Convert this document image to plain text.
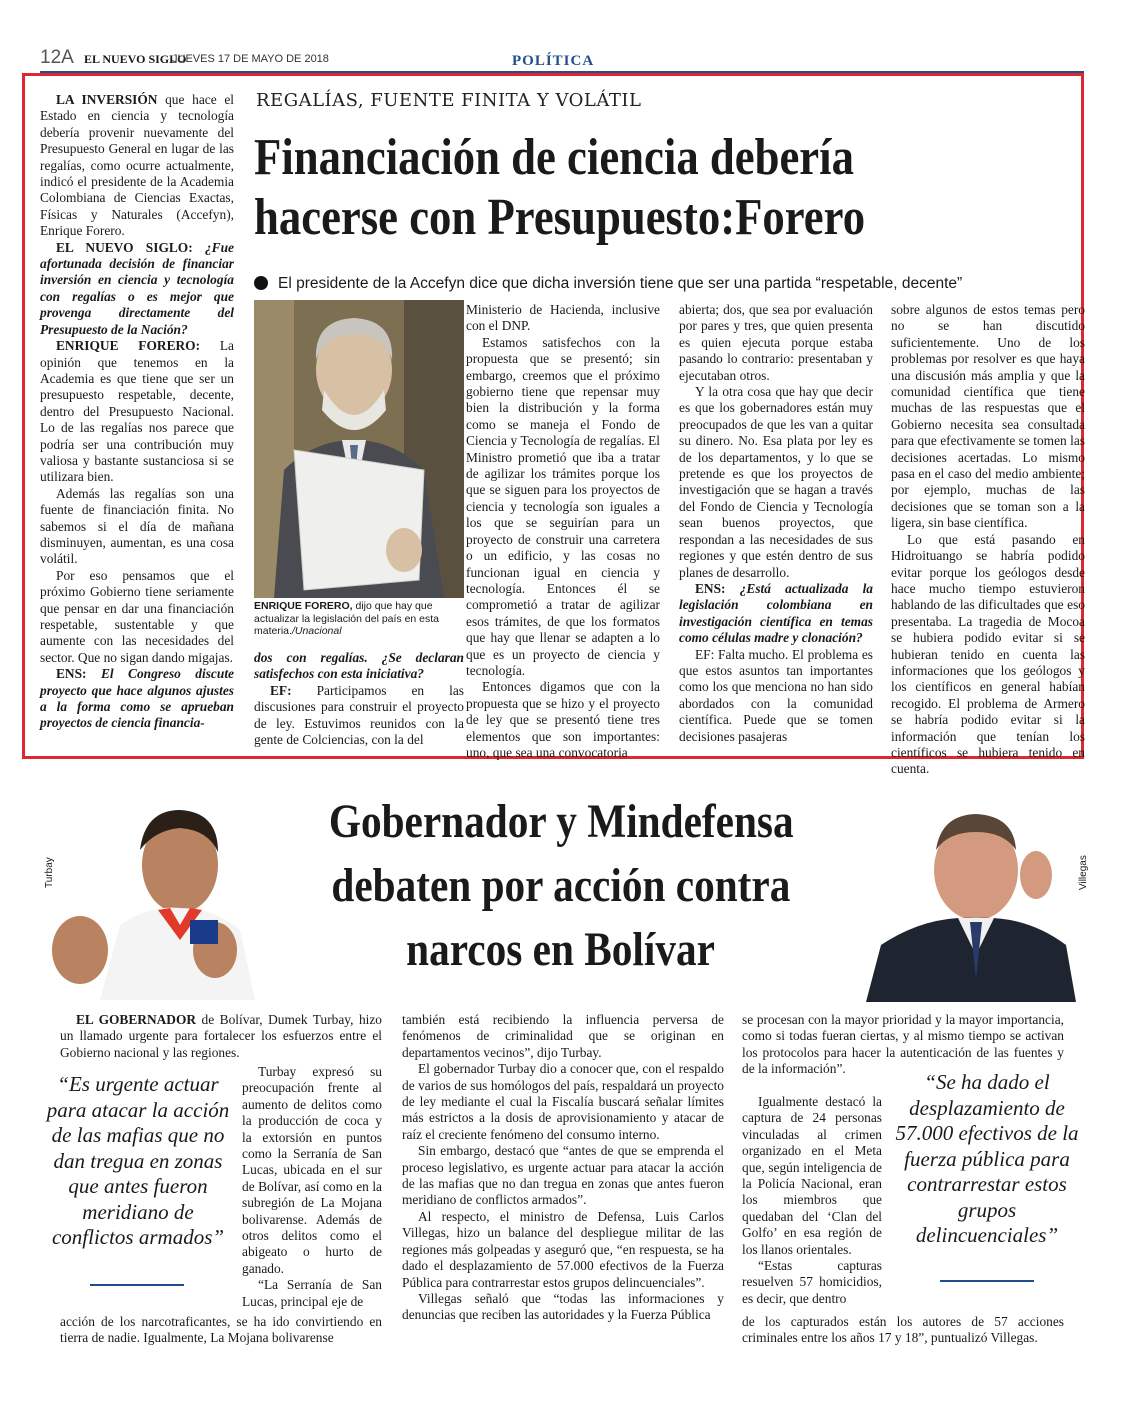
12A EL NUEVO SIGLO
JUEVES 17 DE MAYO DE 2018	POLÍTICA

LA INVERSIÓN que hace el Estado en ciencia y tecnología debería provenir nuevamente del Presupuesto General en lugar de las regalías, como ocurre actualmente, indicó el presidente de la Academia Colombiana de Ciencias Exactas, Físicas y Naturales (Accefyn), Enrique Forero.

EL NUEVO SIGLO: ¿Fue afortunada decisión de financiar inversión en ciencia y tecnología con regalías o es mejor que provenga directamente del Presupuesto de la Nación?

ENRIQUE FORERO: La opinión que tenemos en la Academia es que tiene que ser un presupuesto respetable, decente, dentro del Presupuesto Nacional. Lo de las regalías nos parece que podría ser una contribución muy valiosa y bastante sustanciosa si se utilizara bien.

Además las regalías son una fuente de financiación finita. No sabemos si el día de mañana disminuyen, aumentan, es una cosa volátil.

Por eso pensamos que el próximo Gobierno tiene seriamente que pensar en dar una financiación respetable, sustentable y que aumente con las necesidades del sector. Que no sigan dando migajas.

ENS: El Congreso discute proyecto que hace algunos ajustes a la forma como se aprueban proyectos de ciencia financia-

REGALÍAS, FUENTE FINITA Y VOLÁTIL
Financiación de ciencia debería
hacerse con Presupuesto:Forero
El presidente de la Accefyn dice que dicha inversión tiene que ser una partida “respetable, decente”
ENRIQUE FORERO, dijo que hay que actualizar la legislación del país en esta materia./Unacional

dos con regalías. ¿Se declaran satisfechos con esta iniciativa?

EF: Participamos en las discusiones para construir el proyecto de ley. Estuvimos reunidos con la gente de Colciencias, con la del

Ministerio de Hacienda, inclusive con el DNP.

Estamos satisfechos con la propuesta que se presentó; sin embargo, creemos que el próximo gobierno tiene que repensar muy bien la distribución y la forma como se maneja el Fondo de Ciencia y Tecnología de regalías. El Ministro prometió que iba a tratar de agilizar los trámites porque los que se siguen para los proyectos de ciencia y tecnología son iguales a los que se seguirían para un proyecto de construir una carretera o un edificio, y las cosas no funcionan igual en ciencia y tecnología. Entonces él se comprometió a tratar de agilizar esos trámites, de que los formatos que hay que llenar se adapten a lo que es un proyecto de ciencia y tecnología.

Entonces digamos que con la propuesta que se hizo y el proyecto de ley que se presentó tiene tres elementos que son importantes: uno, que sea una convocatoria

abierta; dos, que sea por evaluación por pares y tres, que quien presenta es quien ejecuta porque estaba pasando lo contrario: presentaban y ejecutaban otros.

Y la otra cosa que hay que decir es que los gobernadores están muy preocupados de que les van a quitar su dinero. No. Esa plata por ley es de los departamentos, y lo que se pretende es que los proyectos de investigación que se hagan a través del Fondo de Ciencia y Tecnología sean buenos proyectos, que respondan a las necesidades de sus regiones y que estén dentro de sus planes de desarrollo.

ENS: ¿Está actualizada la legislación colombiana en investigación científica en temas como células madre y clonación?

EF: Falta mucho. El problema es que estos asuntos tan importantes como los que menciona no han sido abordados con la comunidad científica. Puede que se tomen decisiones pasajeras

sobre algunos de estos temas pero no se han discutido suficientemente. Uno de los problemas por resolver es que haya una discusión más amplia y que la comunidad científica que tiene muchas de las respuestas que el Gobierno necesita sea consultada para que efectivamente se tomen las decisiones acertadas. Lo mismo pasa en el caso del medio ambiente; por ejemplo, muchas de las decisiones que se toman son a la ligera, sin base científica.

Lo que está pasando en Hidroituango se habría podido evitar porque los geólogos desde hace mucho tiempo estuvieron hablando de las dificultades que eso presentaba. La tragedia de Mocoa se hubiera podido evitar si se hubieran tenido en cuenta las informaciones que los geólogos y los científicos en general habían recogido. El problema de Armero se habría podido evitar si la información que tenían los científicos se hubiera tenido en cuenta.

Turbay
Gobernador y Mindefensa
debaten por acción contra
narcos en Bolívar
Villegas

EL GOBERNADOR de Bolívar, Dumek Turbay, hizo un llamado urgente para fortalecer los esfuerzos entre el Gobierno nacional y las regiones.

“Es urgente actuar para atacar la acción de las mafias que no dan tregua en zonas que antes fueron meridiano de conflictos armados”

Turbay expresó su preocupación frente al aumento de delitos como la producción de coca y la extorsión en puntos como la Serranía de San Lucas, ubicada en el sur de Bolívar, así como en la subregión de La Mojana bolivarense. Además de otros delitos como el abigeato o hurto de ganado.

“La Serranía de San Lucas, principal eje de

acción de los narcotraficantes, se ha ido convirtiendo en tierra de nadie. Igualmente, La Mojana bolivarense

también está recibiendo la influencia perversa de fenómenos de criminalidad que se originan en departamentos vecinos”, dijo Turbay.

El gobernador Turbay dio a conocer que, con el respaldo de varios de sus homólogos del país, respaldará un proyecto de ley mediante el cual la Fiscalía buscará señalar límites más estrictos a la dosis de aprovisionamiento y atacar de raíz el creciente fenómeno del consumo interno.

Sin embargo, destacó que “antes de que se emprenda el proceso legislativo, es urgente actuar para atacar la acción de las mafias que no dan tregua en zonas que antes fueron meridiano de conflictos armados”.

Al respecto, el ministro de Defensa, Luis Carlos Villegas, hizo un balance del despliegue militar de las regiones más golpeadas y aseguró que, “en respuesta, se ha dado el desplazamiento de 57.000 efectivos de la Fuerza Pública para contrarrestar estos grupos delincuenciales”.

Villegas señaló que “todas las informaciones y denuncias que reciben las autoridades y la Fuerza Pública

se procesan con la mayor prioridad y la mayor importancia, como si todas fueran ciertas, y al mismo tiempo se activan los protocolos para hacer la autenticación de las fuentes y de la información”.

Igualmente destacó la captura de 24 personas vinculadas al crimen organizado en el Meta que, según inteligencia de la Policía Nacional, eran los miembros que quedaban del ‘Clan del Golfo’ en esa región de los llanos orientales.

“Estas capturas resuelven 57 homicidios, es decir, que dentro

“Se ha dado el desplazamiento de 57.000 efectivos de la fuerza pública para contrarrestar estos grupos delincuenciales”

de los capturados están los autores de 57 acciones criminales entre los años 17 y 18”, puntualizó Villegas.
